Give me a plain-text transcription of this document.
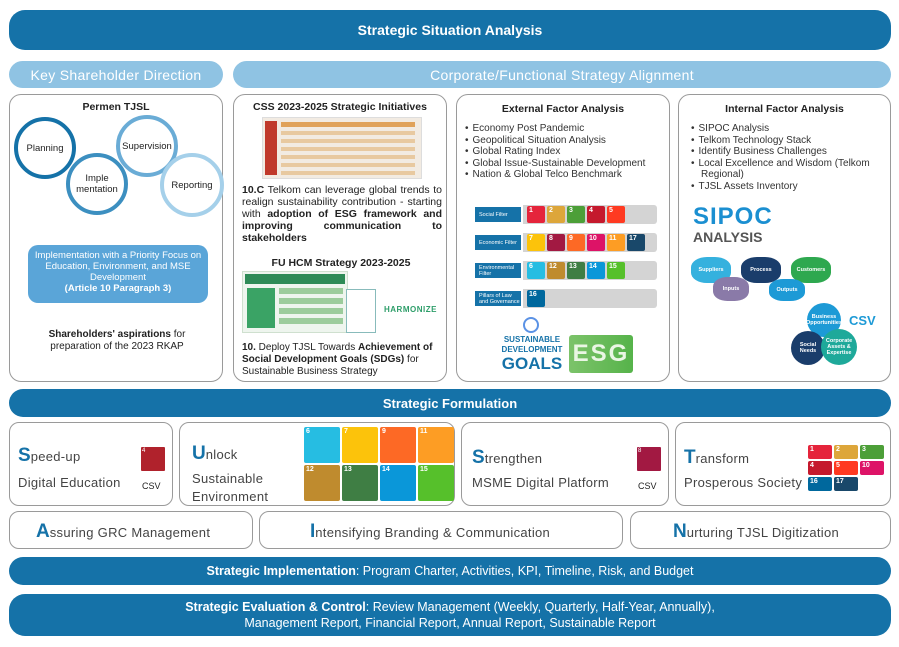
Strategic Situation Analysis
Key Shareholder Direction	Corporate/Functional Strategy Alignment
Permen TJSL
Planning
Imple mentation
Supervision
Reporting
Implementation with a Priority Focus on Education, Environment, and MSE Development
(Article 10 Paragraph 3)
Shareholders' aspirations for preparation of the 2023 RKAP
CSS 2023-2025 Strategic Initiatives
10.C Telkom can leverage global trends to realign sustainability contribution - starting with adoption of ESG framework and improving communication to stakeholders
FU HCM Strategy 2023-2025
HARMONIZE
10. Deploy TJSL Towards Achievement of Social Development Goals (SDGs) for Sustainable Business Strategy
External Factor Analysis
• Economy Post Pandemic
• Geopolitical Situation Analysis
• Global Rating Index
• Global Issue-Sustainable Development
• Nation & Global Telco Benchmark
Social Filter
1	2	3	4	5
Economic Filter
7	8	9	10	11	17
Environmental Filter
6	12	13	14	15
Pillars of Law and Governance
16
SUSTAINABLE
DEVELOPMENT
GOALS ESG
Internal Factor Analysis
• SIPOC Analysis
• Telkom Technology Stack
• Identify Business Challenges
• Local Excellence and Wisdom (Telkom Regional)
• TJSL Assets Inventory
SIPOC
ANALYSIS
Suppliers	Process	Customers
Inputs	Outputs
Business Opportunities
Social Needs
Corporate Assets & Expertise
CSV
Strategic Formulation
Speed-up
Digital Education
4
CSV
Unlock
Sustainable
Environment
6	7	9	11
12	13	14	15
Strengthen
MSME Digital Platform
8
CSV
Transform
Prosperous Society
1	2	3
4	5	10
16	17
Assuring GRC Management	Intensifying Branding & Communication	Nurturing TJSL Digitization
Strategic Implementation: Program Charter, Activities, KPI, Timeline, Risk, and Budget
Strategic Evaluation & Control: Review Management (Weekly, Quarterly, Half-Year, Annually),
Management Report, Financial Report, Annual Report, Sustainable Report
